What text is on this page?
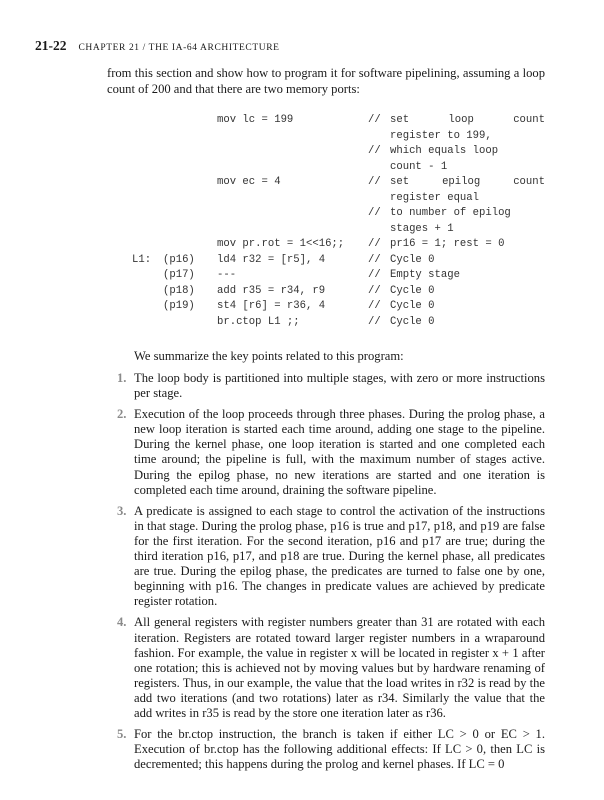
21-22 CHAPTER 21 / THE IA-64 ARCHITECTURE

from this section and show how to program it for software pipelining, assuming a loop count of 200 and that there are two memory ports:

mov lc = 199	// set	loop	count
register to 199,
// which equals loop
count - 1
mov ec = 4	// set	epilog	count
register equal
// to number of epilog
stages + 1
mov pr.rot = 1<<16;; // pr16 = 1; rest = 0
L1: (p16) ld4 r32 = [r5], 4	// Cycle 0
(p17) ---	// Empty stage
(p18) add r35 = r34, r9	// Cycle 0
(p19) st4 [r6] = r36, 4	// Cycle 0
br.ctop L1 ;;	// Cycle 0

We summarize the key points related to this program:

1. The loop body is partitioned into multiple stages, with zero or more instructions per stage.
2. Execution of the loop proceeds through three phases. During the prolog phase, a new loop iteration is started each time around, adding one stage to the pipeline. During the kernel phase, one loop iteration is started and one completed each time around; the pipeline is full, with the maximum number of stages active. During the epilog phase, no new iterations are started and one iteration is completed each time around, draining the software pipeline.
3. A predicate is assigned to each stage to control the activation of the instructions in that stage. During the prolog phase, p16 is true and p17, p18, and p19 are false for the first iteration. For the second iteration, p16 and p17 are true; during the third iteration p16, p17, and p18 are true. During the kernel phase, all predicates are true. During the epilog phase, the predicates are turned to false one by one, beginning with p16. The changes in predicate values are achieved by predicate register rotation.
4. All general registers with register numbers greater than 31 are rotated with each iteration. Registers are rotated toward larger register numbers in a wraparound fashion. For example, the value in register x will be located in register x + 1 after one rotation; this is achieved not by moving values but by hardware renaming of registers. Thus, in our example, the value that the load writes in r32 is read by the add two iterations (and two rotations) later as r34. Similarly the value that the add writes in r35 is read by the store one iteration later as r36.
5. For the br.ctop instruction, the branch is taken if either LC > 0 or EC > 1. Execution of br.ctop has the following additional effects: If LC > 0, then LC is decremented; this happens during the prolog and kernel phases. If LC = 0
